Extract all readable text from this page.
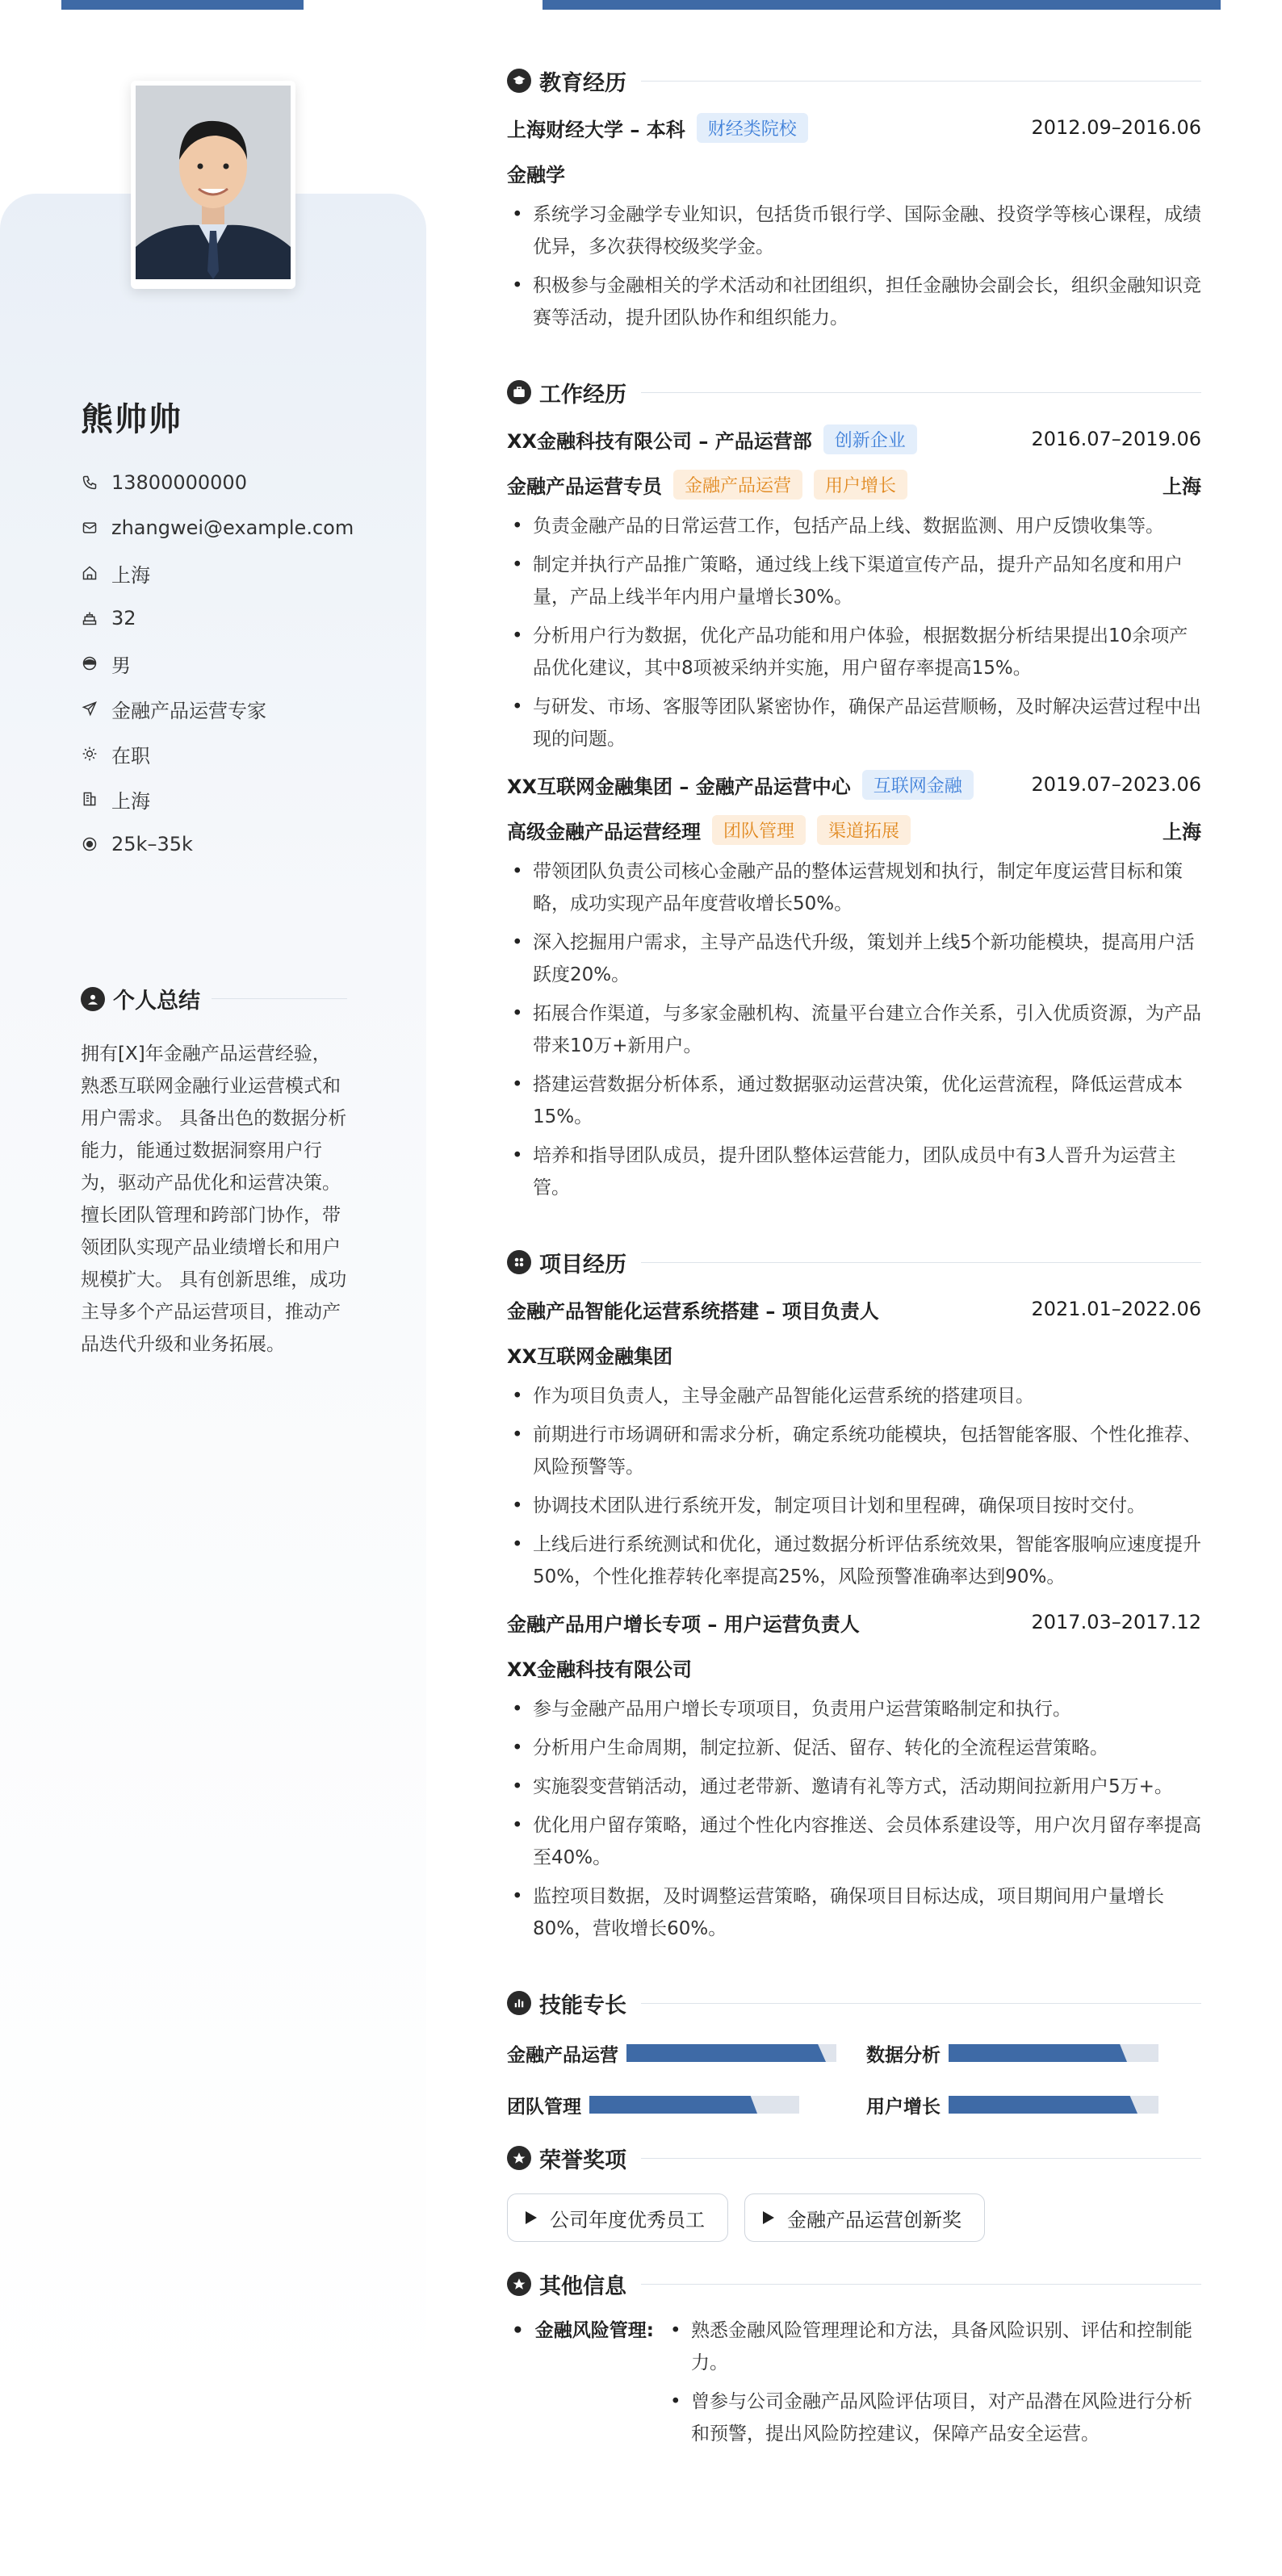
熊帅帅
13800000000
zhangwei@example.com
上海
32
男
金融产品运营专家
在职
上海
25k–35k
个人总结
拥有[X]年金融产品运营经验，熟悉互联网金融行业运营模式和用户需求。 具备出色的数据分析能力，能通过数据洞察用户行为，驱动产品优化和运营决策。 擅长团队管理和跨部门协作，带领团队实现产品业绩增长和用户规模扩大。 具有创新思维，成功主导多个产品运营项目，推动产品迭代升级和业务拓展。
教育经历
上海财经大学 – 本科	财经类院校	2012.09–2016.06
金融学
• 系统学习金融学专业知识，包括货币银行学、国际金融、投资学等核心课程，成绩优异，多次获得校级奖学金。
• 积极参与金融相关的学术活动和社团组织，担任金融协会副会长，组织金融知识竞赛等活动，提升团队协作和组织能力。
工作经历
XX金融科技有限公司 – 产品运营部	创新企业	2016.07–2019.06
金融产品运营专员	金融产品运营	用户增长	上海
• 负责金融产品的日常运营工作，包括产品上线、数据监测、用户反馈收集等。
• 制定并执行产品推广策略，通过线上线下渠道宣传产品，提升产品知名度和用户量，产品上线半年内用户量增长30%。
• 分析用户行为数据，优化产品功能和用户体验，根据数据分析结果提出10余项产品优化建议，其中8项被采纳并实施，用户留存率提高15%。
• 与研发、市场、客服等团队紧密协作，确保产品运营顺畅，及时解决运营过程中出现的问题。
XX互联网金融集团 – 金融产品运营中心	互联网金融	2019.07–2023.06
高级金融产品运营经理	团队管理	渠道拓展	上海
• 带领团队负责公司核心金融产品的整体运营规划和执行，制定年度运营目标和策略，成功实现产品年度营收增长50%。
• 深入挖掘用户需求，主导产品迭代升级，策划并上线5个新功能模块，提高用户活跃度20%。
• 拓展合作渠道，与多家金融机构、流量平台建立合作关系，引入优质资源，为产品带来10万+新用户。
• 搭建运营数据分析体系，通过数据驱动运营决策，优化运营流程，降低运营成本15%。
• 培养和指导团队成员，提升团队整体运营能力，团队成员中有3人晋升为运营主管。
项目经历
金融产品智能化运营系统搭建 – 项目负责人	2021.01–2022.06
XX互联网金融集团
• 作为项目负责人，主导金融产品智能化运营系统的搭建项目。
• 前期进行市场调研和需求分析，确定系统功能模块，包括智能客服、个性化推荐、风险预警等。
• 协调技术团队进行系统开发，制定项目计划和里程碑，确保项目按时交付。
• 上线后进行系统测试和优化，通过数据分析评估系统效果，智能客服响应速度提升50%，个性化推荐转化率提高25%，风险预警准确率达到90%。
金融产品用户增长专项 – 用户运营负责人	2017.03–2017.12
XX金融科技有限公司
• 参与金融产品用户增长专项项目，负责用户运营策略制定和执行。
• 分析用户生命周期，制定拉新、促活、留存、转化的全流程运营策略。
• 实施裂变营销活动，通过老带新、邀请有礼等方式，活动期间拉新用户5万+。
• 优化用户留存策略，通过个性化内容推送、会员体系建设等，用户次月留存率提高至40%。
• 监控项目数据，及时调整运营策略，确保项目目标达成，项目期间用户量增长80%，营收增长60%。
技能专长
金融产品运营	数据分析
团队管理	用户增长
荣誉奖项
公司年度优秀员工	金融产品运营创新奖
其他信息
• 金融风险管理:
•	熟悉金融风险管理理论和方法，具备风险识别、评估和控制能力。
• 曾参与公司金融产品风险评估项目，对产品潜在风险进行分析和预警，提出风险防控建议，保障产品安全运营。
